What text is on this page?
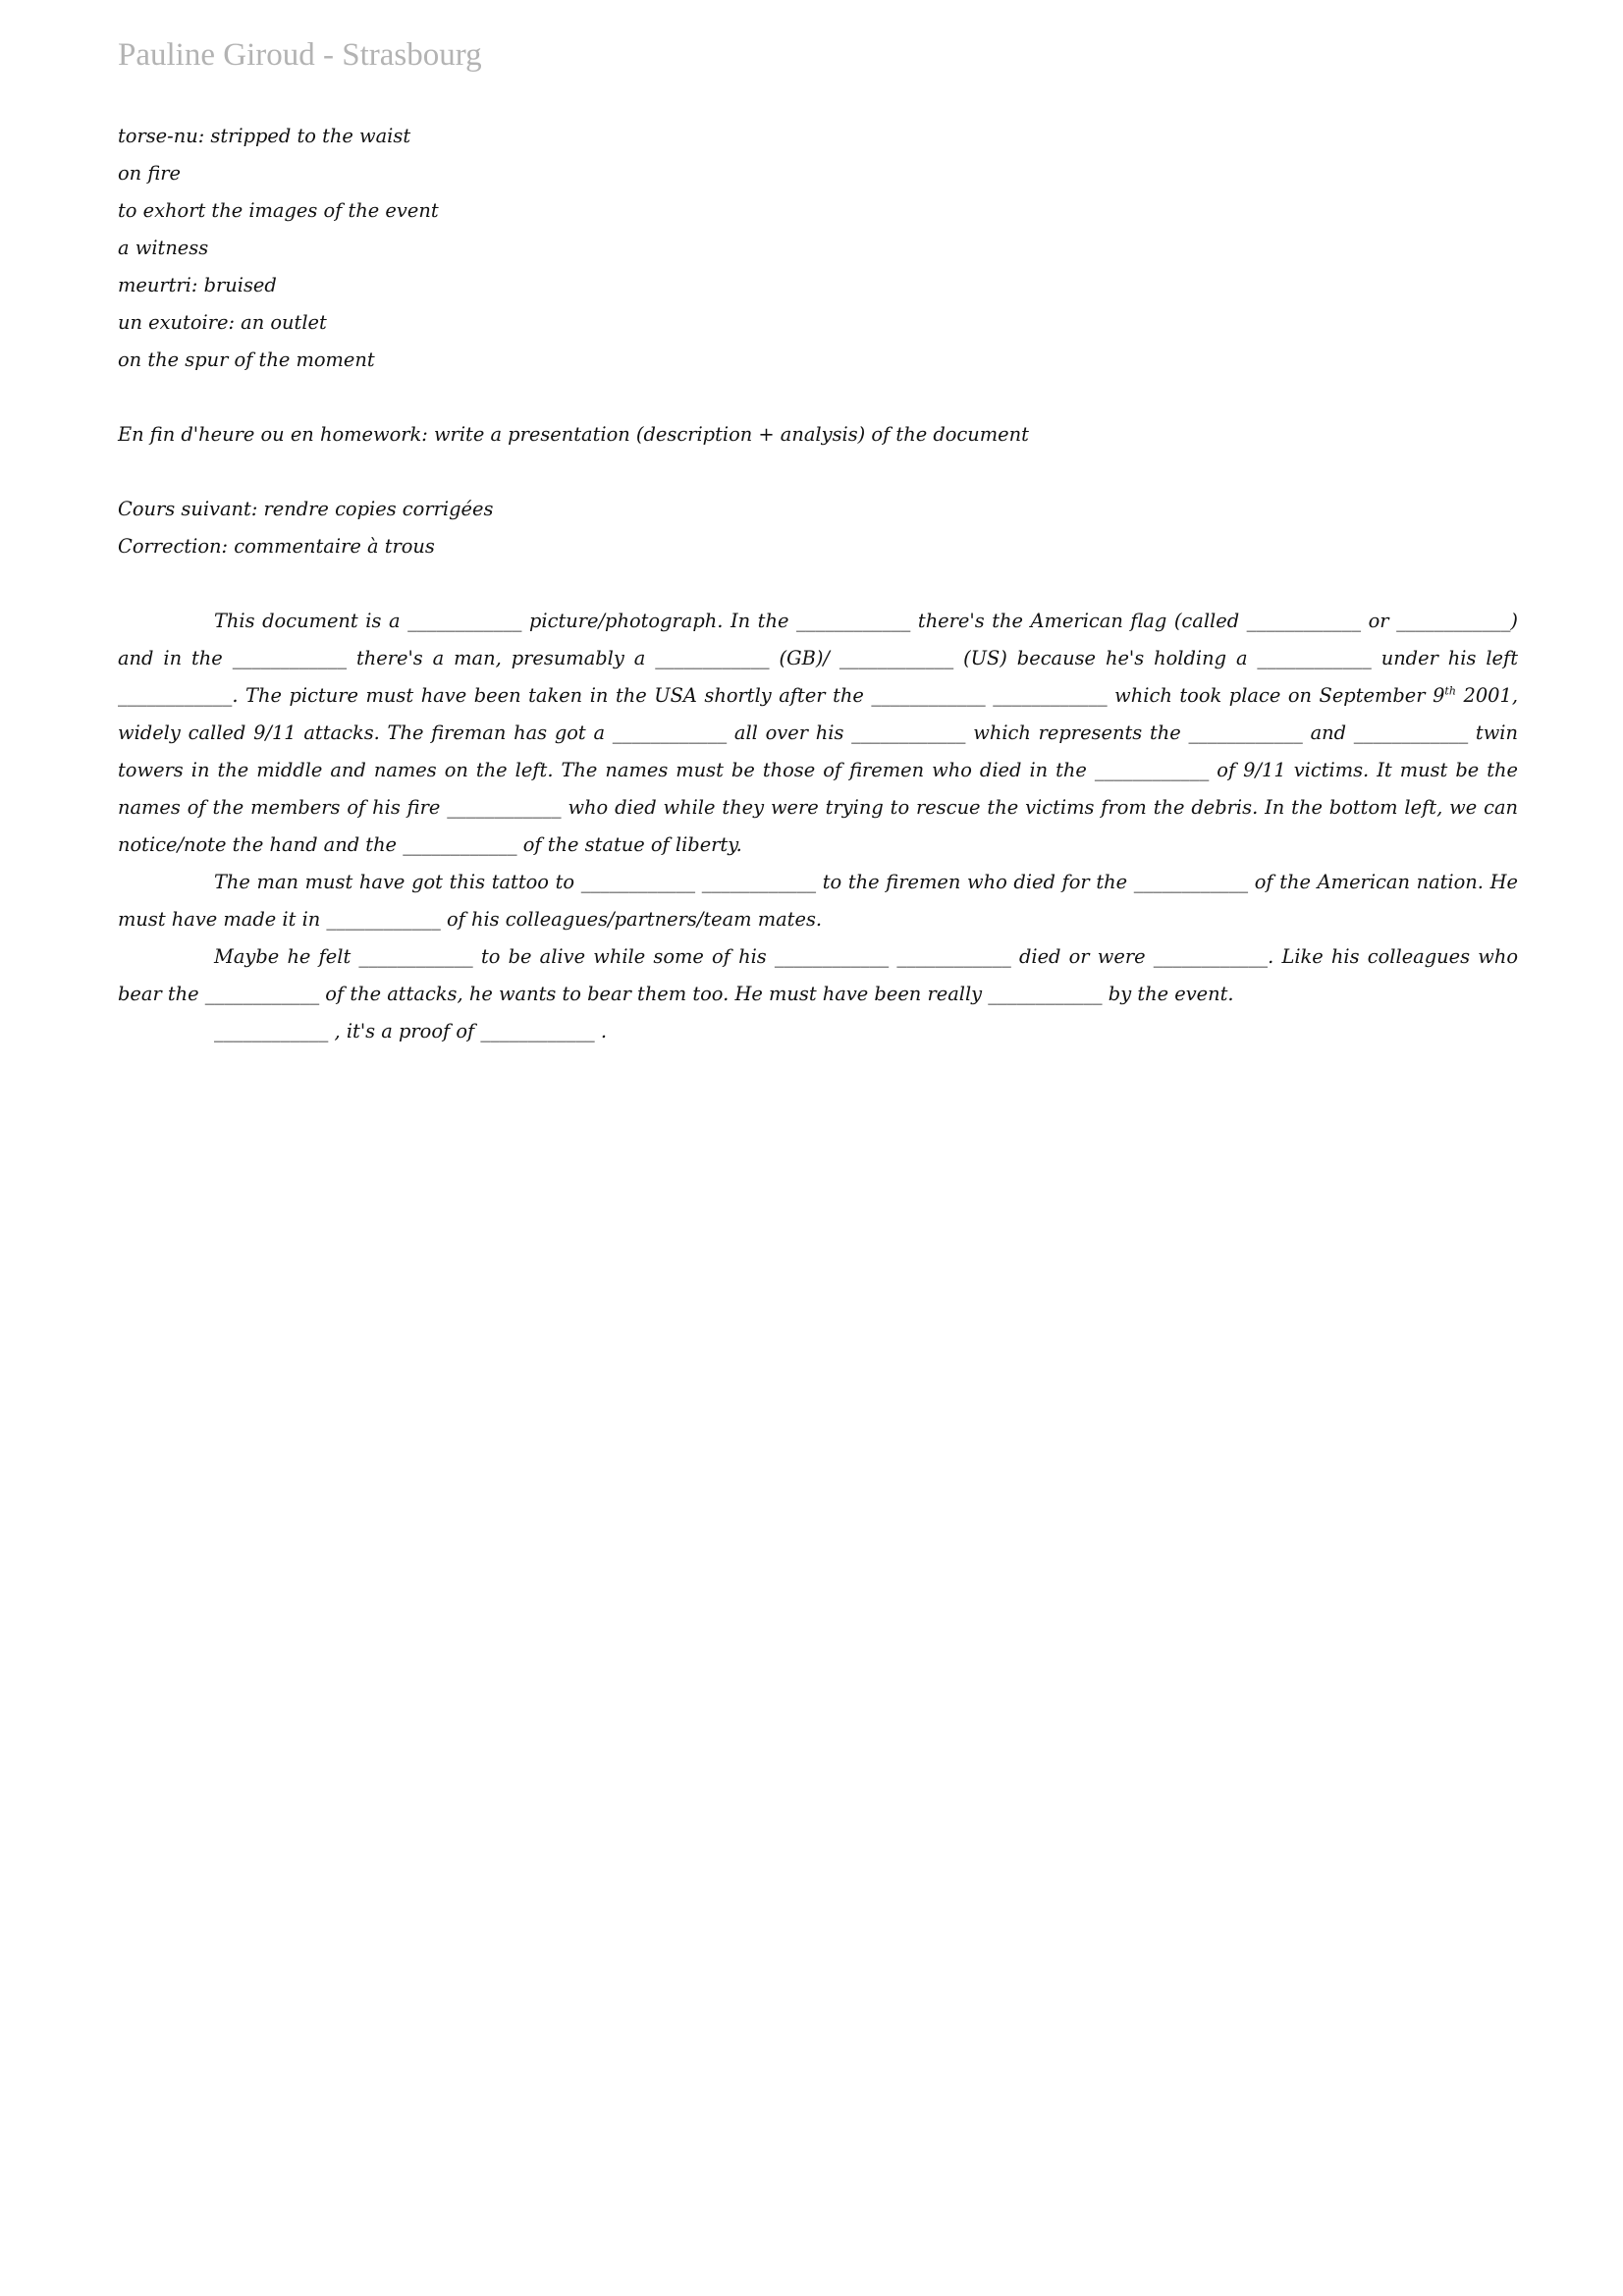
Pauline Giroud - Strasbourg
torse-nu: stripped to the waist
on fire
to exhort the images of the event
a witness
meurtri: bruised
un exutoire: an outlet
on the spur of the moment
En fin d'heure ou en homework: write a presentation (description + analysis) of the document
Cours suivant: rendre copies corrigées
Correction: commentaire à trous

This document is a ____________ picture/photograph. In the ____________ there's the American flag (called ____________ or ____________) and in the ____________ there's a man, presumably a ____________ (GB)/ ____________ (US) because he's holding a ____________ under his left ____________. The picture must have been taken in the USA shortly after the ____________ ____________ which took place on September 9th 2001, widely called 9/11 attacks. The fireman has got a ____________ all over his ____________ which represents the ____________ and ____________ twin towers in the middle and names on the left. The names must be those of firemen who died in the ____________ of 9/11 victims. It must be the names of the members of his fire ____________ who died while they were trying to rescue the victims from the debris. In the bottom left, we can notice/note the hand and the ____________ of the statue of liberty.

The man must have got this tattoo to ____________ ____________ to the firemen who died for the ____________ of the American nation. He must have made it in ____________ of his colleagues/partners/team mates.

Maybe he felt ____________ to be alive while some of his ____________ ____________ died or were ____________. Like his colleagues who bear the ____________ of the attacks, he wants to bear them too. He must have been really ____________ by the event.

____________ , it's a proof of ____________ .
